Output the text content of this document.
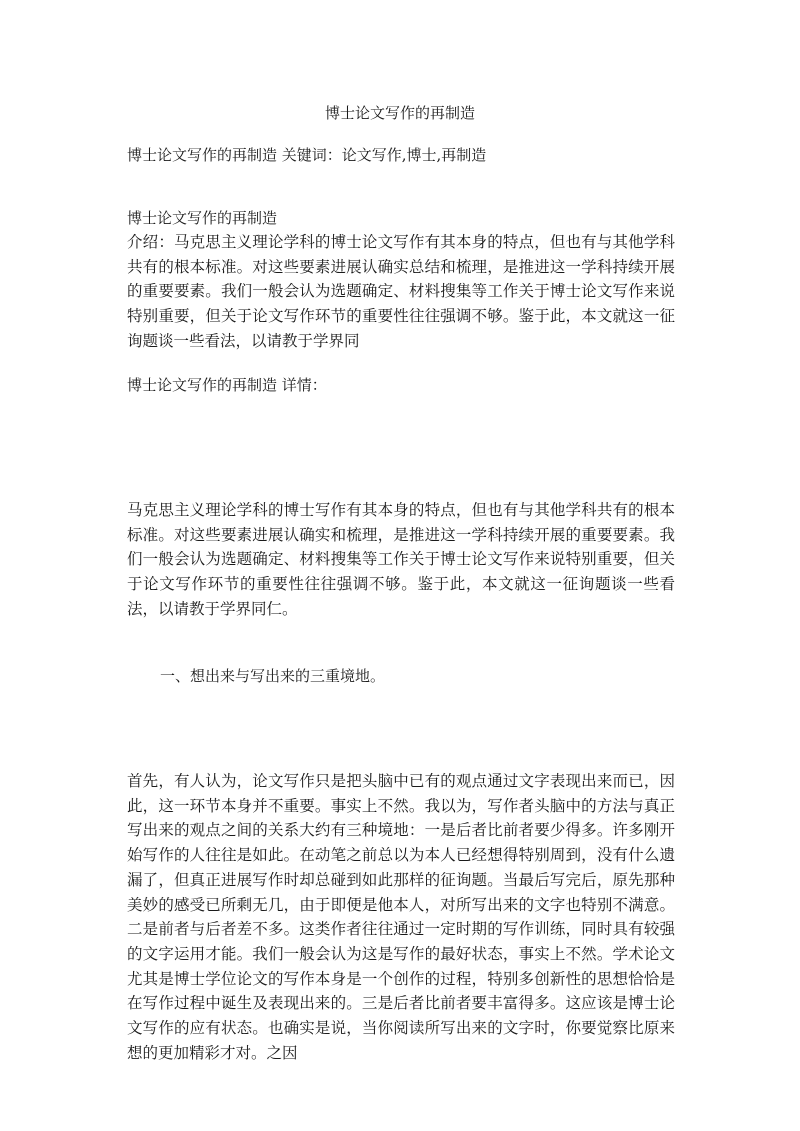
博士论文写作的再制造
博士论文写作的再制造 关键词：论文写作,博士,再制造
博士论文写作的再制造
介绍：马克思主义理论学科的博士论文写作有其本身的特点，但也有与其他学科共有的根本标准。对这些要素进展认确实总结和梳理，是推进这一学科持续开展的重要要素。我们一般会认为选题确定、材料搜集等工作关于博士论文写作来说特别重要，但关于论文写作环节的重要性往往强调不够。鉴于此，本文就这一征询题谈一些看法，以请教于学界同
博士论文写作的再制造 详情：
马克思主义理论学科的博士写作有其本身的特点，但也有与其他学科共有的根本标准。对这些要素进展认确实和梳理，是推进这一学科持续开展的重要要素。我们一般会认为选题确定、材料搜集等工作关于博士论文写作来说特别重要，但关于论文写作环节的重要性往往强调不够。鉴于此，本文就这一征询题谈一些看法，以请教于学界同仁。
一、想出来与写出来的三重境地。
首先，有人认为，论文写作只是把头脑中已有的观点通过文字表现出来而已，因此，这一环节本身并不重要。事实上不然。我以为，写作者头脑中的方法与真正写出来的观点之间的关系大约有三种境地：一是后者比前者要少得多。许多刚开始写作的人往往是如此。在动笔之前总以为本人已经想得特别周到，没有什么遗漏了，但真正进展写作时却总碰到如此那样的征询题。当最后写完后，原先那种美妙的感受已所剩无几，由于即便是他本人，对所写出来的文字也特别不满意。二是前者与后者差不多。这类作者往往通过一定时期的写作训练，同时具有较强的文字运用才能。我们一般会认为这是写作的最好状态，事实上不然。学术论文尤其是博士学位论文的写作本身是一个创作的过程，特别多创新性的思想恰恰是在写作过程中诞生及表现出来的。三是后者比前者要丰富得多。这应该是博士论文写作的应有状态。也确实是说，当你阅读所写出来的文字时，你要觉察比原来想的更加精彩才对。之因
